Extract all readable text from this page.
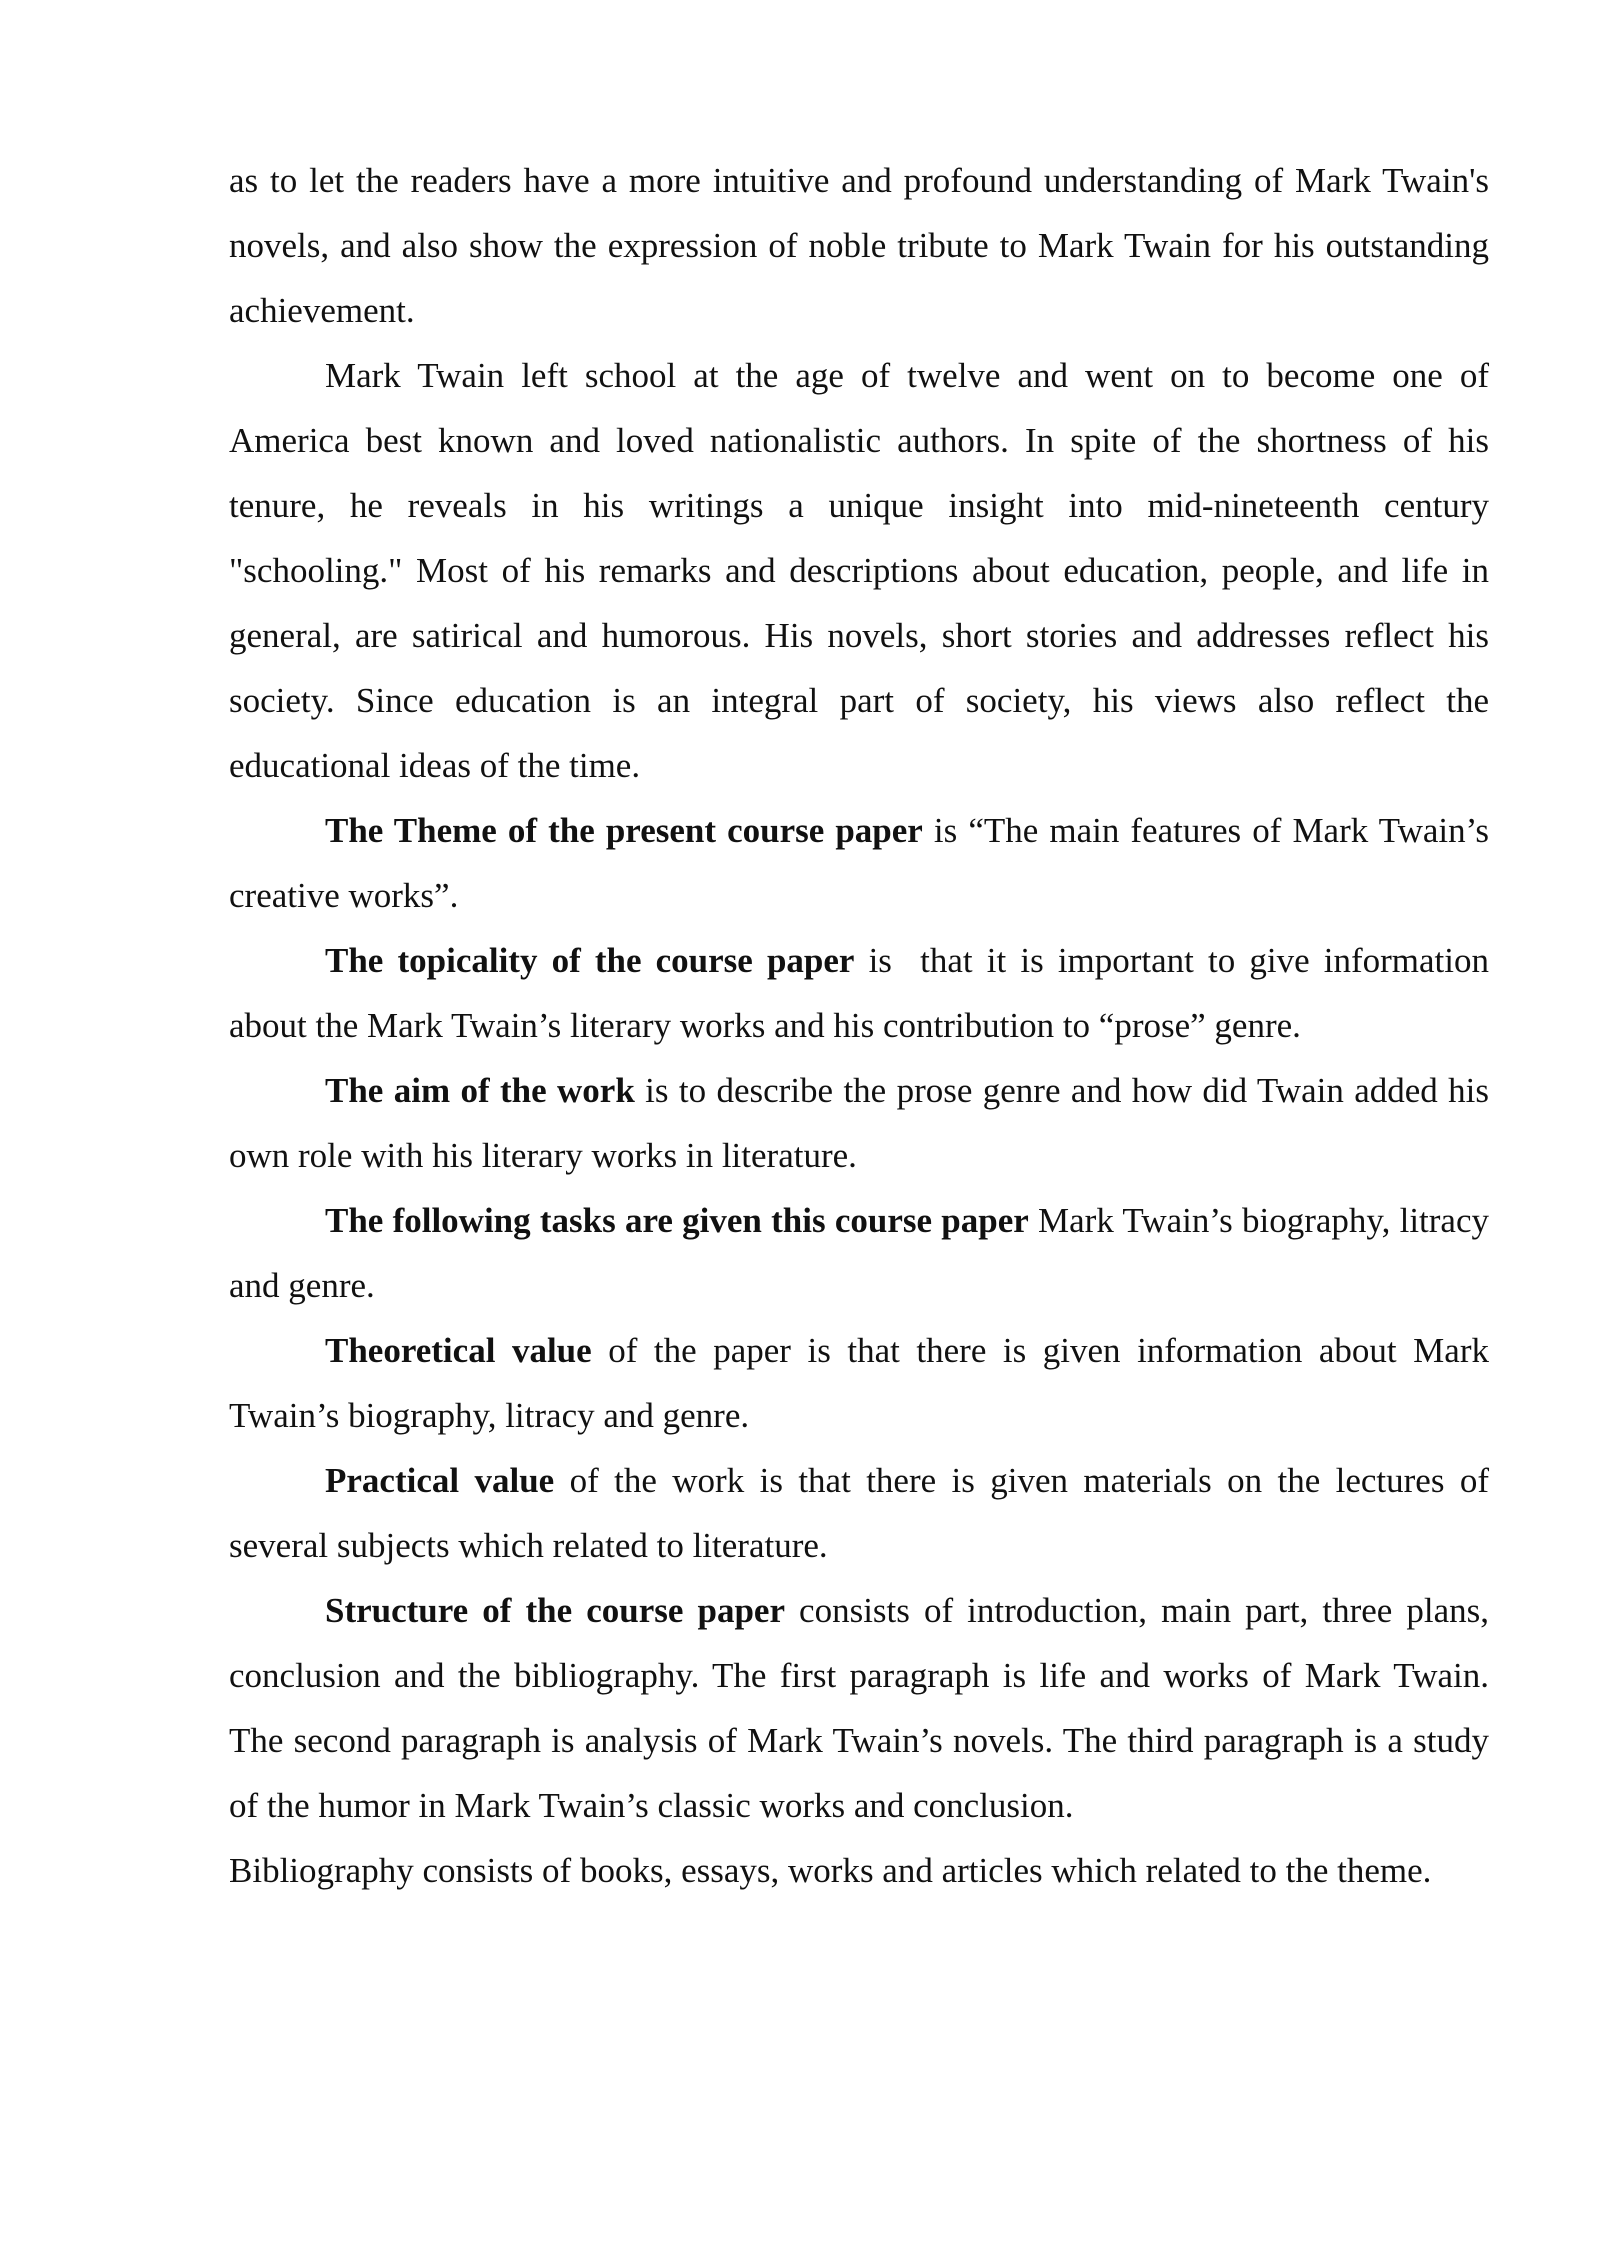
as to let the readers have a more intuitive and profound understanding of Mark Twain's novels, and also show the expression of noble tribute to Mark Twain for his outstanding achievement.

Mark Twain left school at the age of twelve and went on to become one of America best known and loved nationalistic authors. In spite of the shortness of his tenure, he reveals in his writings a unique insight into mid-nineteenth century "schooling." Most of his remarks and descriptions about education, people, and life in general, are satirical and humorous. His novels, short stories and addresses reflect his society. Since education is an integral part of society, his views also reflect the educational ideas of the time.

The Theme of the present course paper is “The main features of Mark Twain’s creative works”.

The topicality of the course paper is  that it is important to give information about the Mark Twain’s literary works and his contribution to “prose” genre.

The aim of the work is to describe the prose genre and how did Twain added his own role with his literary works in literature.

The following tasks are given this course paper Mark Twain’s biography, litracy and genre.

Theoretical value of the paper is that there is given information about Mark Twain’s biography, litracy and genre.

Practical value of the work is that there is given materials on the lectures of several subjects which related to literature.

Structure of the course paper consists of introduction, main part, three plans, conclusion and the bibliography. The first paragraph is life and works of Mark Twain. The second paragraph is analysis of Mark Twain’s novels. The third paragraph is a study of the humor in Mark Twain’s classic works and conclusion.

Bibliography consists of books, essays, works and articles which related to the theme.
